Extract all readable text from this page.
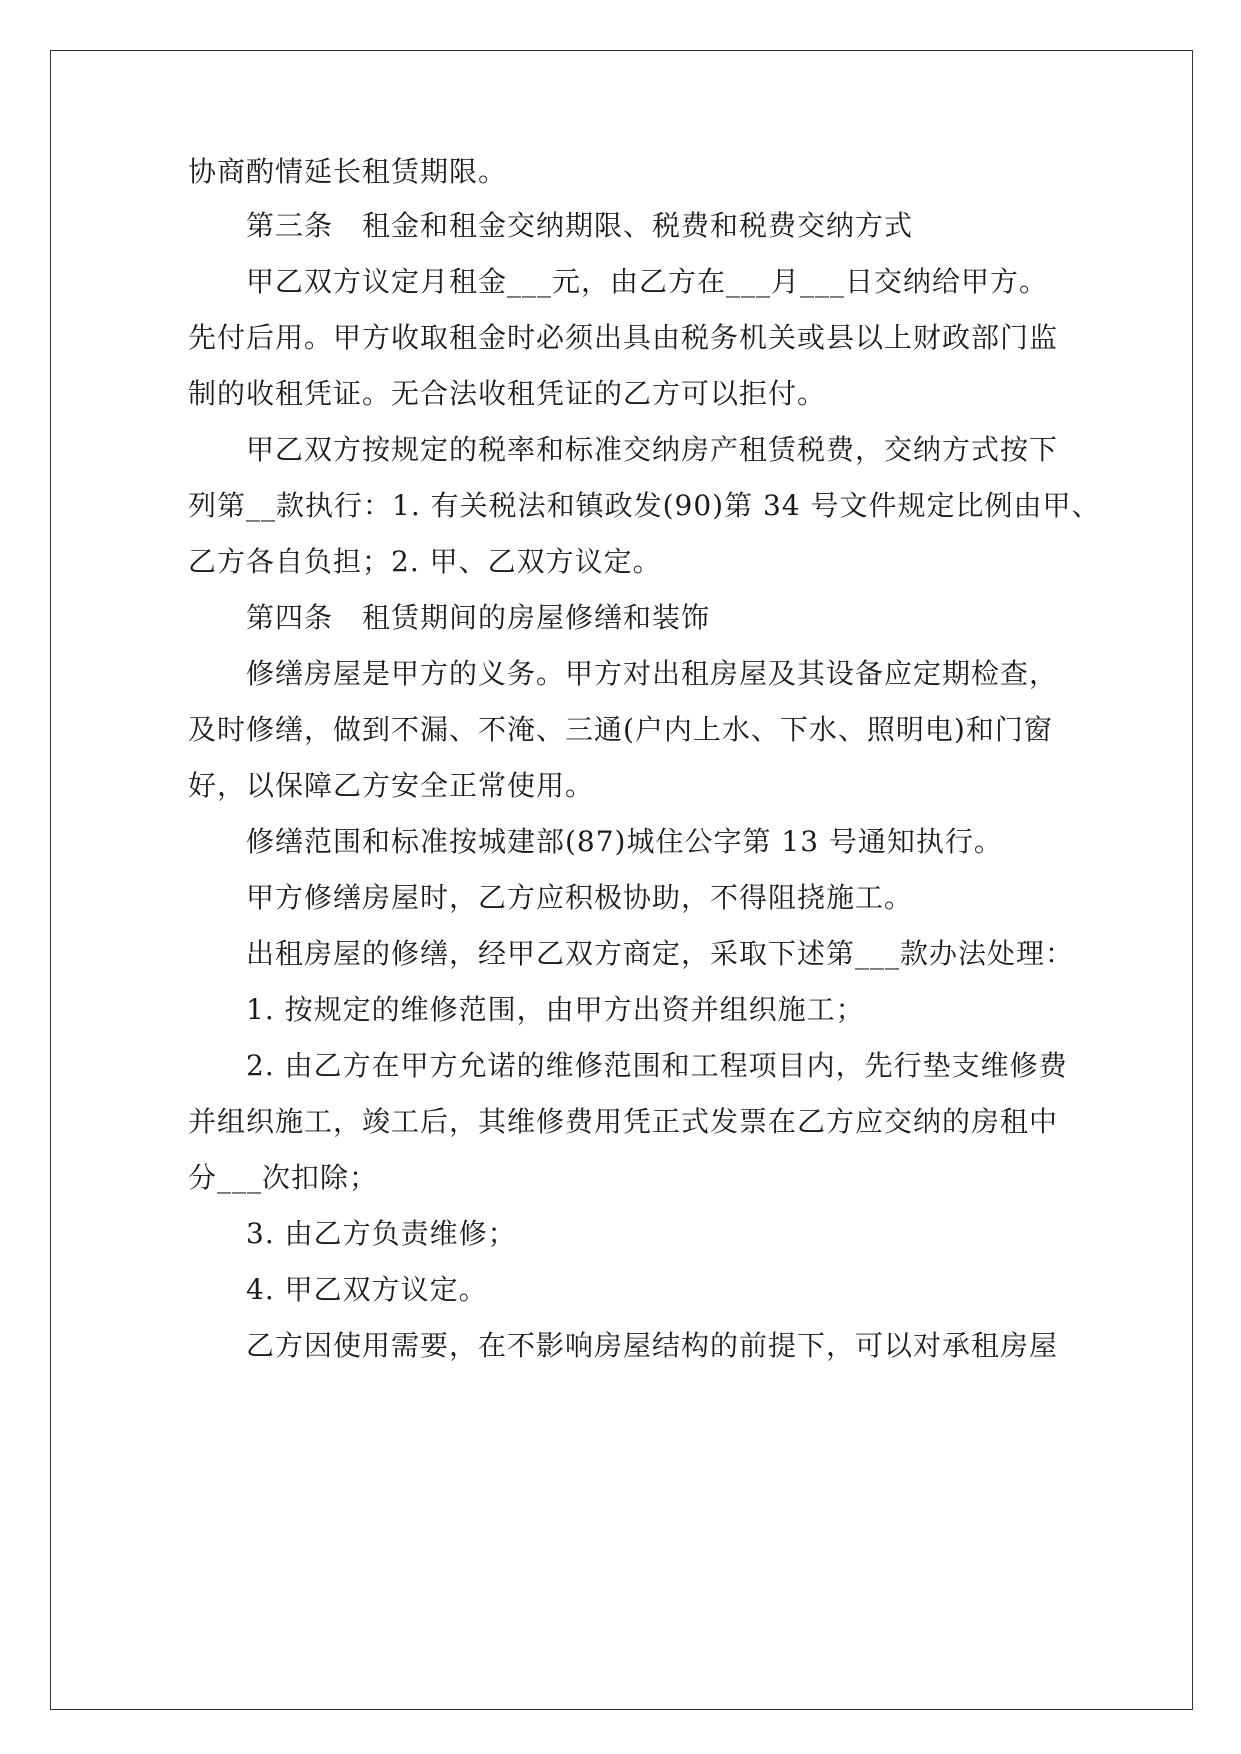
协商酌情延长租赁期限。
第三条　租金和租金交纳期限、税费和税费交纳方式
甲乙双方议定月租金___元，由乙方在___月___日交纳给甲方。
先付后用。甲方收取租金时必须出具由税务机关或县以上财政部门监
制的收租凭证。无合法收租凭证的乙方可以拒付。
甲乙双方按规定的税率和标准交纳房产租赁税费，交纳方式按下
列第__款执行：1. 有关税法和镇政发(90)第 34 号文件规定比例由甲、
乙方各自负担；2. 甲、乙双方议定。
第四条　租赁期间的房屋修缮和装饰
修缮房屋是甲方的义务。甲方对出租房屋及其设备应定期检查，
及时修缮，做到不漏、不淹、三通(户内上水、下水、照明电)和门窗
好，以保障乙方安全正常使用。
修缮范围和标准按城建部(87)城住公字第 13 号通知执行。
甲方修缮房屋时，乙方应积极协助，不得阻挠施工。
出租房屋的修缮，经甲乙双方商定，采取下述第___款办法处理：
1. 按规定的维修范围，由甲方出资并组织施工；
2. 由乙方在甲方允诺的维修范围和工程项目内，先行垫支维修费
并组织施工，竣工后，其维修费用凭正式发票在乙方应交纳的房租中
分___次扣除；
3. 由乙方负责维修；
4. 甲乙双方议定。
乙方因使用需要，在不影响房屋结构的前提下，可以对承租房屋
